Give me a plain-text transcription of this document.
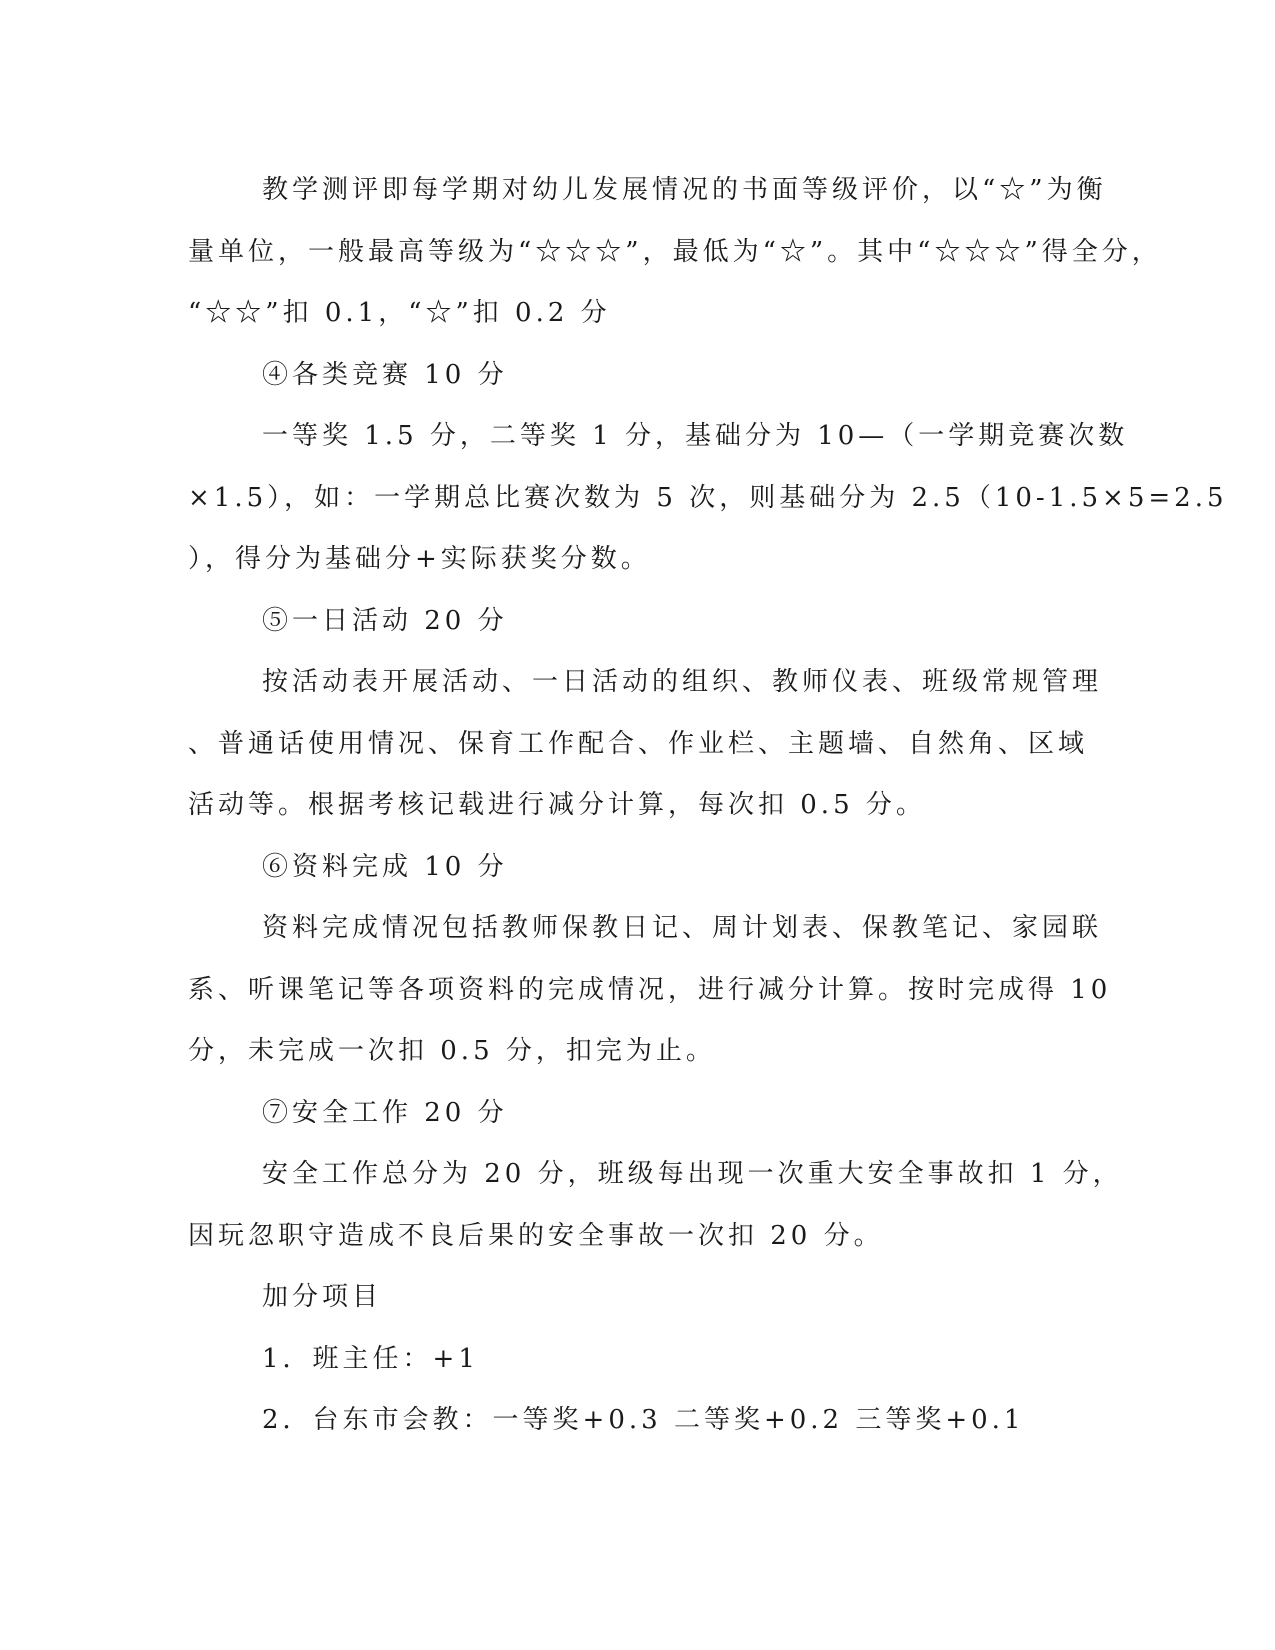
教学测评即每学期对幼儿发展情况的书面等级评价，以“☆”为衡
量单位，一般最高等级为“☆☆☆”，最低为“☆”。其中“☆☆☆”得全分，
“☆☆”扣 0.1，“☆”扣 0.2 分
④各类竞赛 10 分
一等奖 1.5 分，二等奖 1 分，基础分为 10—（一学期竞赛次数
×1.5），如：一学期总比赛次数为 5 次，则基础分为 2.5（10-1.5×5=2.5
），得分为基础分+实际获奖分数。
⑤一日活动 20 分
按活动表开展活动、一日活动的组织、教师仪表、班级常规管理
、普通话使用情况、保育工作配合、作业栏、主题墙、自然角、区域
活动等。根据考核记载进行减分计算，每次扣 0.5 分。
⑥资料完成 10 分
资料完成情况包括教师保教日记、周计划表、保教笔记、家园联
系、听课笔记等各项资料的完成情况，进行减分计算。按时完成得 10
分，未完成一次扣 0.5 分，扣完为止。
⑦安全工作 20 分
安全工作总分为 20 分，班级每出现一次重大安全事故扣 1 分，
因玩忽职守造成不良后果的安全事故一次扣 20 分。
加分项目
1．班主任：+1
2．台东市会教：一等奖+0.3 二等奖+0.2 三等奖+0.1
